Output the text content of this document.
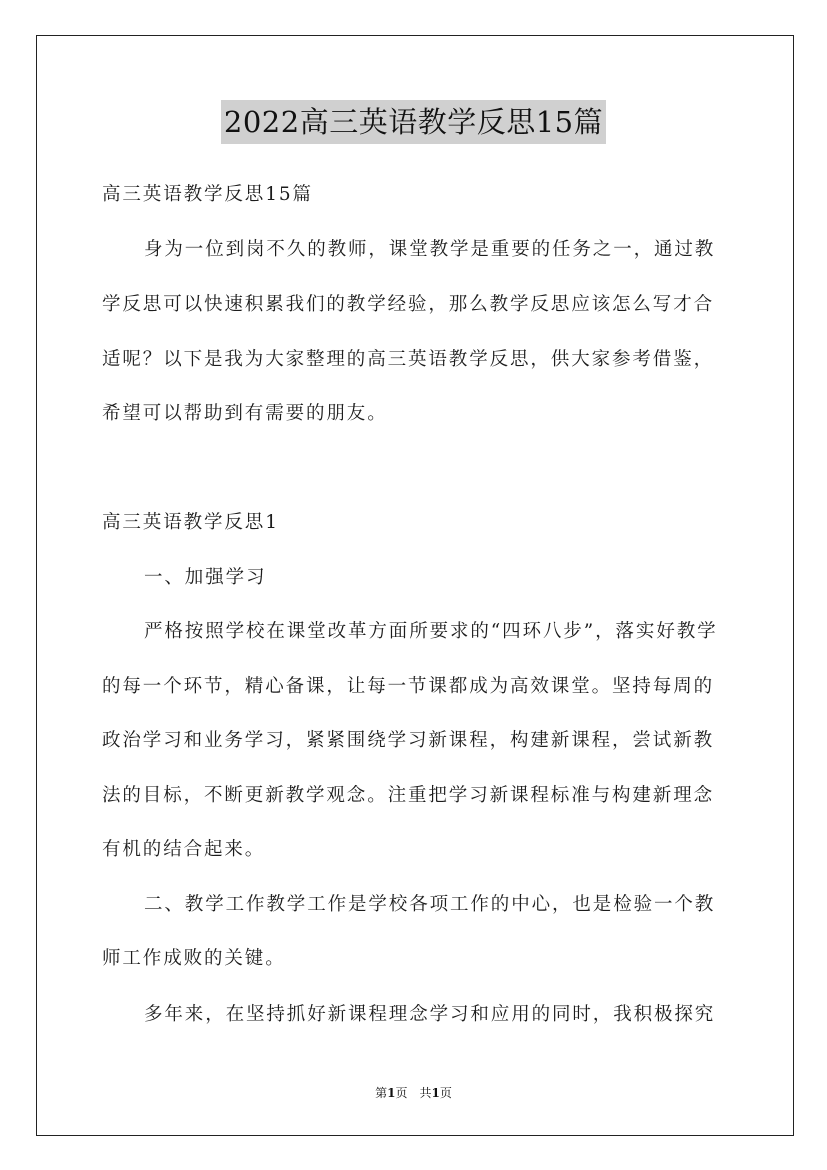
2022高三英语教学反思15篇
高三英语教学反思15篇
身为一位到岗不久的教师，课堂教学是重要的任务之一，通过教
学反思可以快速积累我们的教学经验，那么教学反思应该怎么写才合
适呢？以下是我为大家整理的高三英语教学反思，供大家参考借鉴，
希望可以帮助到有需要的朋友。
高三英语教学反思1
一、加强学习
严格按照学校在课堂改革方面所要求的“四环八步”，落实好教学
的每一个环节，精心备课，让每一节课都成为高效课堂。坚持每周的
政治学习和业务学习，紧紧围绕学习新课程，构建新课程，尝试新教
法的目标，不断更新教学观念。注重把学习新课程标准与构建新理念
有机的结合起来。
二、教学工作教学工作是学校各项工作的中心，也是检验一个教
师工作成败的关键。
多年来，在坚持抓好新课程理念学习和应用的同时，我积极探究
第1页　共1页
